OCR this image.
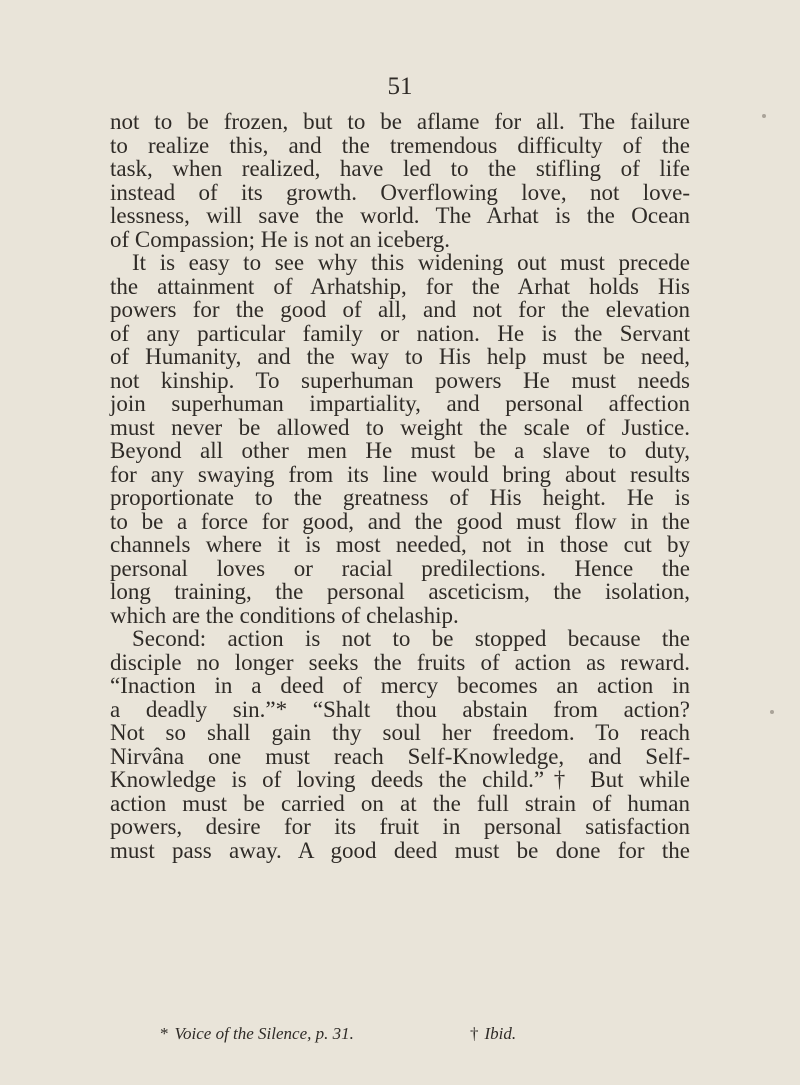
51
not to be frozen, but to be aflame for all. The failure
to realize this, and the tremendous difficulty of the
task, when realized, have led to the stifling of life
instead of its growth. Overflowing love, not love-
lessness, will save the world. The Arhat is the Ocean
of Compassion; He is not an iceberg.
It is easy to see why this widening out must precede
the attainment of Arhatship, for the Arhat holds His
powers for the good of all, and not for the elevation
of any particular family or nation. He is the Servant
of Humanity, and the way to His help must be need,
not kinship. To superhuman powers He must needs
join superhuman impartiality, and personal affection
must never be allowed to weight the scale of Justice.
Beyond all other men He must be a slave to duty,
for any swaying from its line would bring about results
proportionate to the greatness of His height. He is
to be a force for good, and the good must flow in the
channels where it is most needed, not in those cut by
personal loves or racial predilections. Hence the
long training, the personal asceticism, the isolation,
which are the conditions of chelaship.
Second: action is not to be stopped because the
disciple no longer seeks the fruits of action as reward.
“Inaction in a deed of mercy becomes an action in
a deadly sin.”* “Shalt thou abstain from action?
Not so shall gain thy soul her freedom. To reach
Nirvâna one must reach Self-Knowledge, and Self-
Knowledge is of loving deeds the child.”† But while
action must be carried on at the full strain of human
powers, desire for its fruit in personal satisfaction
must pass away. A good deed must be done for the
* Voice of the Silence, p. 31.	† Ibid.
